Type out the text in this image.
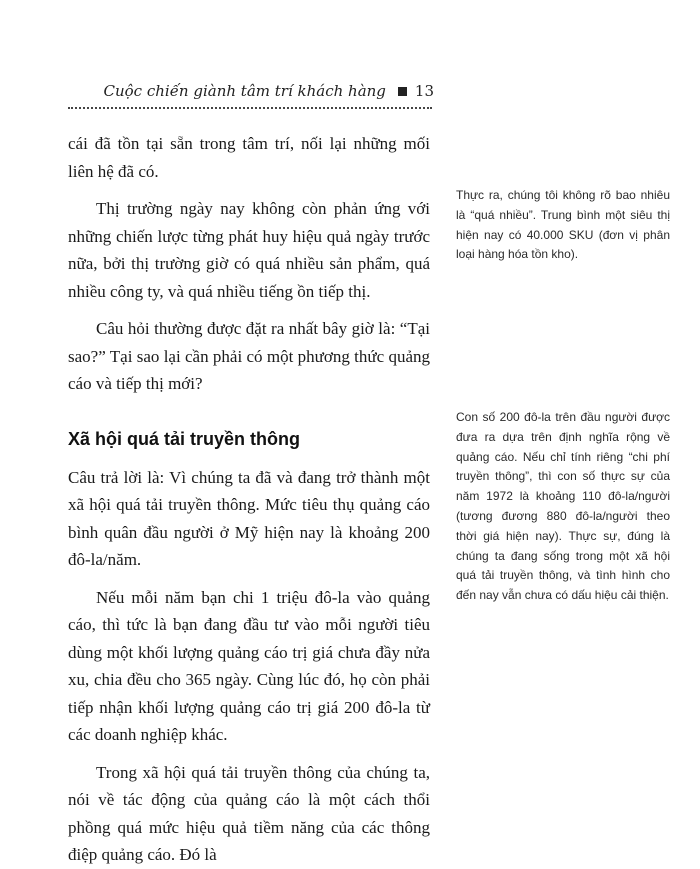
Cuộc chiến giành tâm trí khách hàng 13

cái đã tồn tại sẵn trong tâm trí, nối lại những mối liên hệ đã có.

Thị trường ngày nay không còn phản ứng với những chiến lược từng phát huy hiệu quả ngày trước nữa, bởi thị trường giờ có quá nhiều sản phẩm, quá nhiều công ty, và quá nhiều tiếng ồn tiếp thị.

Câu hỏi thường được đặt ra nhất bây giờ là: “Tại sao?” Tại sao lại cần phải có một phương thức quảng cáo và tiếp thị mới?

Xã hội quá tải truyền thông

Câu trả lời là: Vì chúng ta đã và đang trở thành một xã hội quá tải truyền thông. Mức tiêu thụ quảng cáo bình quân đầu người ở Mỹ hiện nay là khoảng 200 đô-la/năm.

Nếu mỗi năm bạn chi 1 triệu đô-la vào quảng cáo, thì tức là bạn đang đầu tư vào mỗi người tiêu dùng một khối lượng quảng cáo trị giá chưa đầy nửa xu, chia đều cho 365 ngày. Cùng lúc đó, họ còn phải tiếp nhận khối lượng quảng cáo trị giá 200 đô-la từ các doanh nghiệp khác.

Trong xã hội quá tải truyền thông của chúng ta, nói về tác động của quảng cáo là một cách thổi phồng quá mức hiệu quả tiềm năng của các thông điệp quảng cáo. Đó là

Thực ra, chúng tôi không rõ bao nhiêu là “quá nhiều”. Trung bình một siêu thị hiện nay có 40.000 SKU (đơn vị phân loại hàng hóa tồn kho).
Con số 200 đô-la trên đầu người được đưa ra dựa trên định nghĩa rộng về quảng cáo. Nếu chỉ tính riêng “chi phí truyền thông”, thì con số thực sự của năm 1972 là khoảng 110 đô-la/người (tương đương 880 đô-la/người theo thời giá hiện nay). Thực sự, đúng là chúng ta đang sống trong một xã hội quá tải truyền thông, và tình hình cho đến nay vẫn chưa có dấu hiệu cải thiện.
